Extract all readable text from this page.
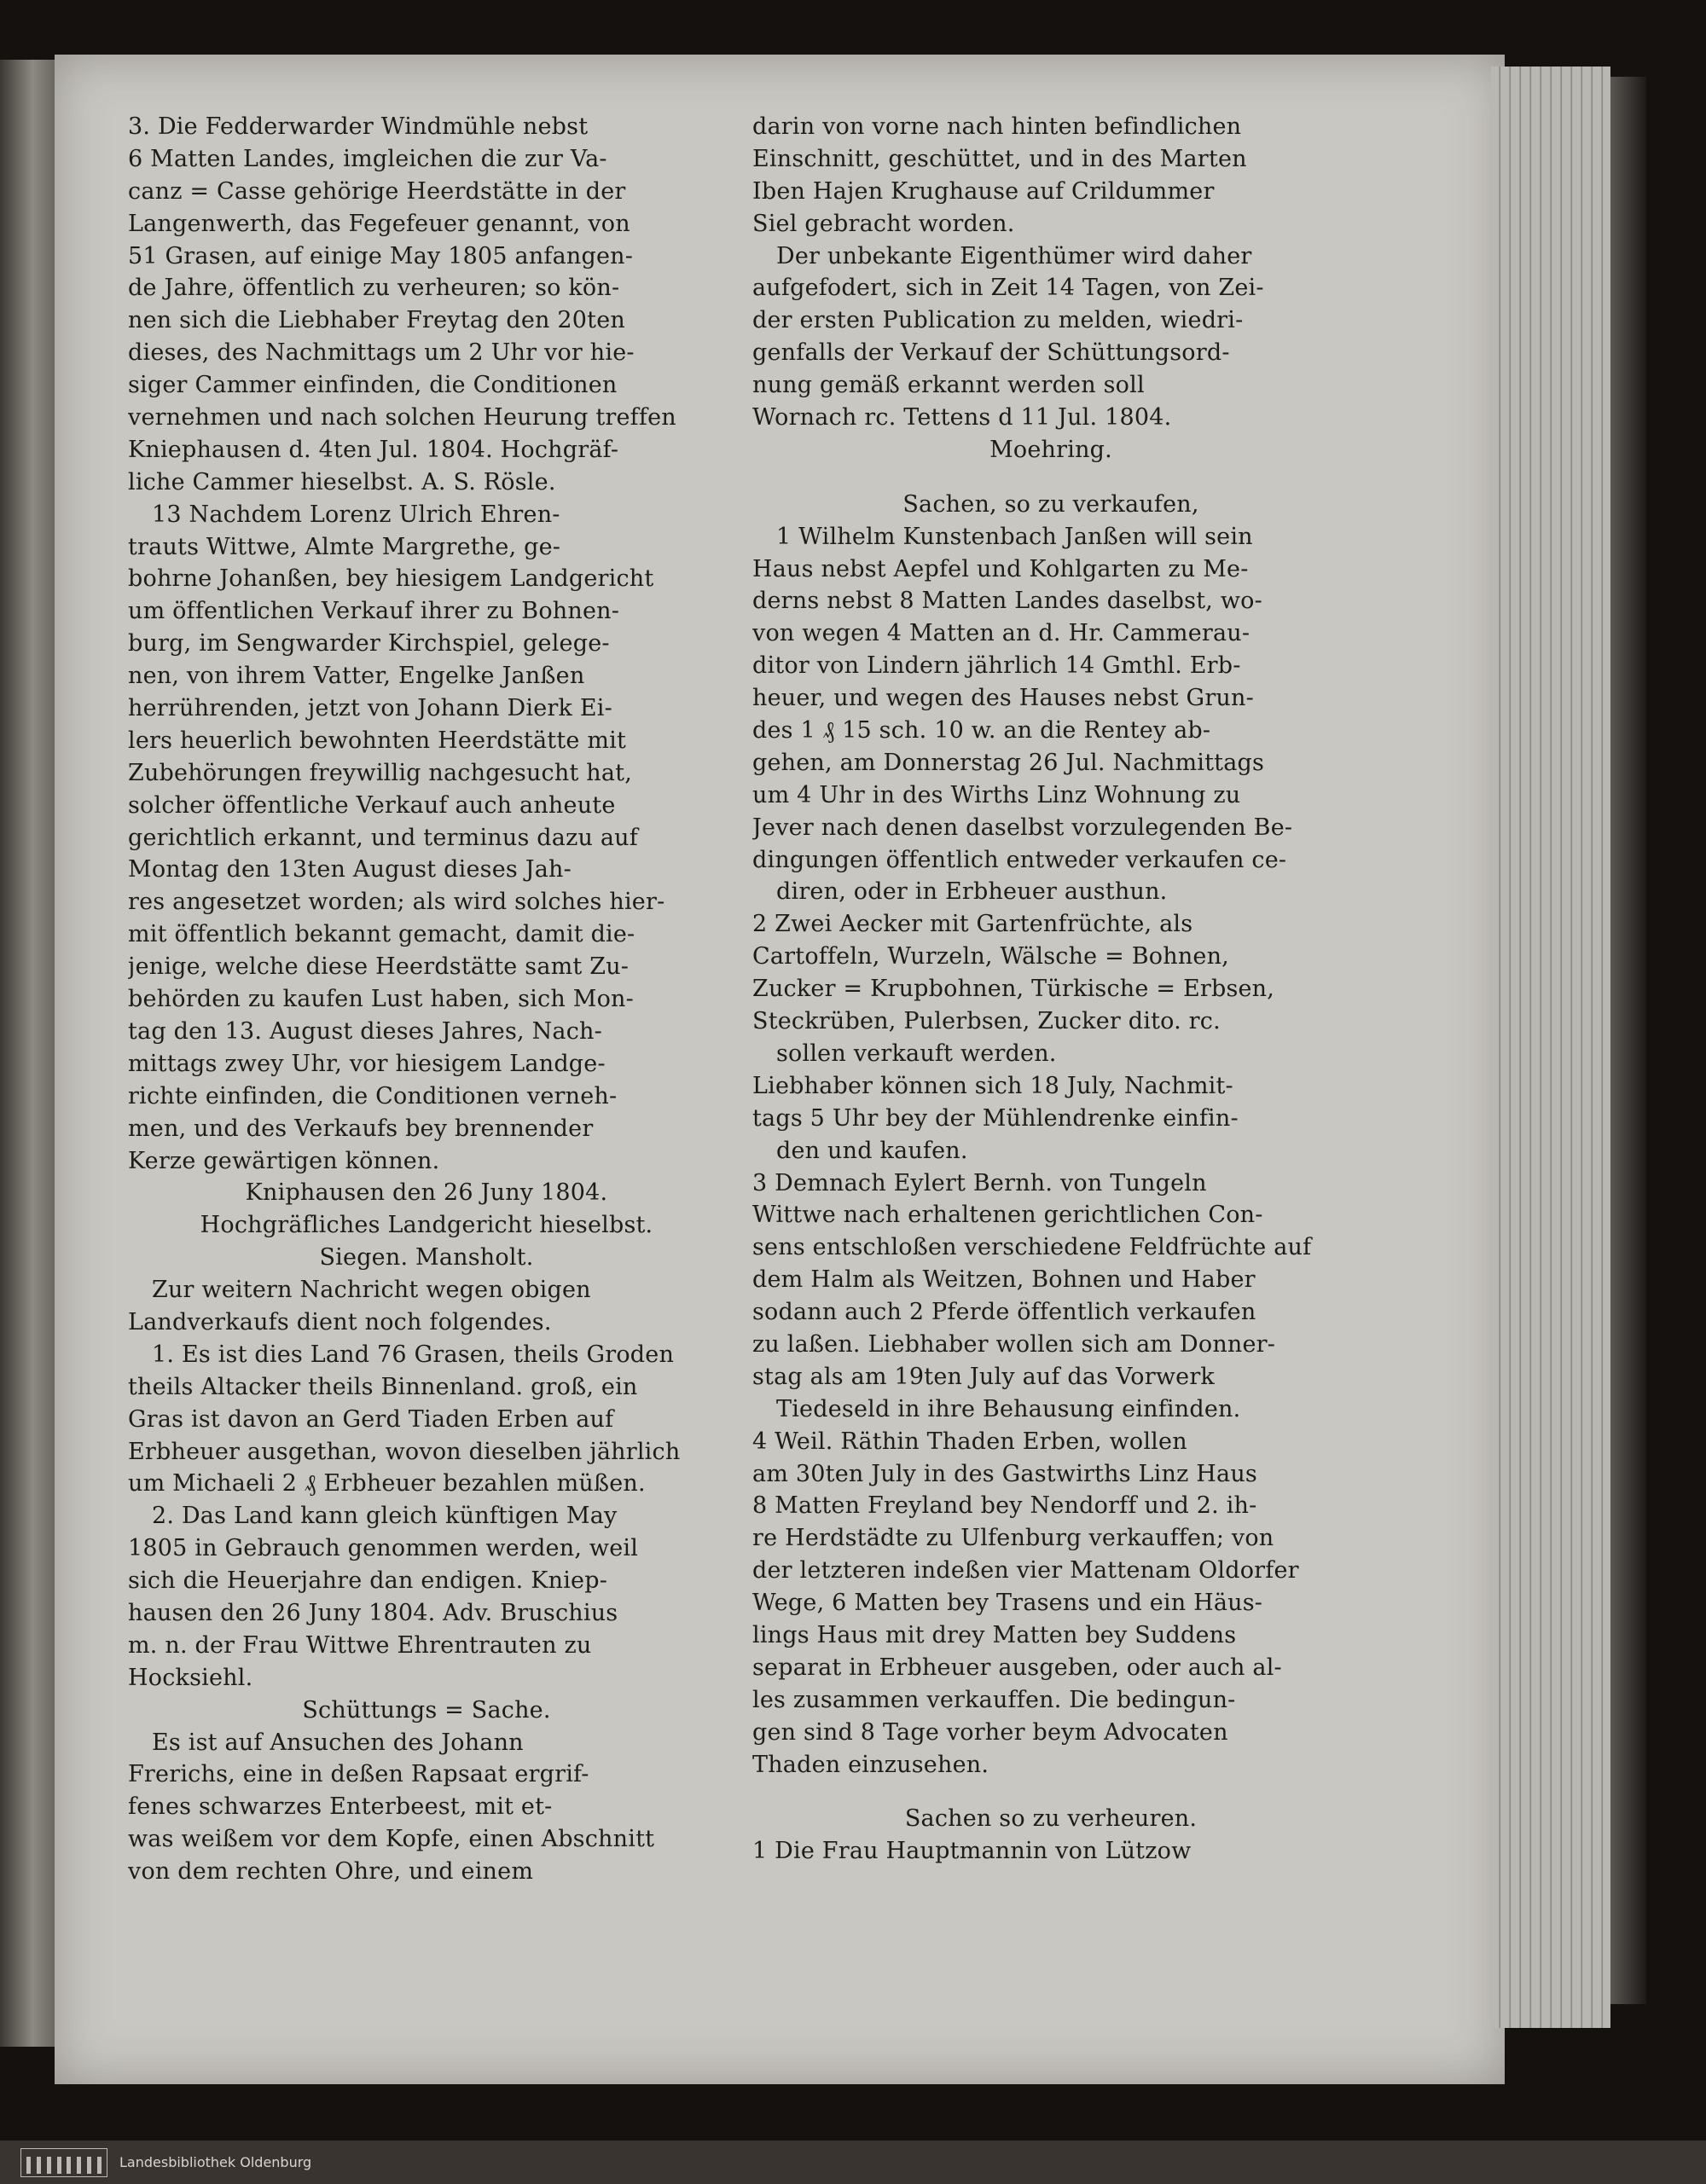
3. Die Fedderwarder Windmühle nebst
6 Matten Landes, imgleichen die zur Va-
canz = Casse gehörige Heerdstätte in der
Langenwerth, das Fegefeuer genannt, von
51 Grasen, auf einige May 1805 anfangen-
de Jahre, öffentlich zu verheuren; so kön-
nen sich die Liebhaber Freytag den 20ten
dieses, des Nachmittags um 2 Uhr vor hie-
siger Cammer einfinden, die Conditionen
vernehmen und nach solchen Heurung treffen
Kniephausen d. 4ten Jul. 1804. Hochgräf-
liche Cammer hieselbst. A. S. Rösle.
13 Nachdem Lorenz Ulrich Ehren-
trauts Wittwe, Almte Margrethe, ge-
bohrne Johanßen, bey hiesigem Landgericht
um öffentlichen Verkauf ihrer zu Bohnen-
burg, im Sengwarder Kirchspiel, gelege-
nen, von ihrem Vatter, Engelke Janßen
herrührenden, jetzt von Johann Dierk Ei-
lers heuerlich bewohnten Heerdstätte mit
Zubehörungen freywillig nachgesucht hat,
solcher öffentliche Verkauf auch anheute
gerichtlich erkannt, und terminus dazu auf
Montag den 13ten August dieses Jah-
res angesetzet worden; als wird solches hier-
mit öffentlich bekannt gemacht, damit die-
jenige, welche diese Heerdstätte samt Zu-
behörden zu kaufen Lust haben, sich Mon-
tag den 13. August dieses Jahres, Nach-
mittags zwey Uhr, vor hiesigem Landge-
richte einfinden, die Conditionen verneh-
men, und des Verkaufs bey brennender
Kerze gewärtigen können.
Kniphausen den 26 Juny 1804.
Hochgräfliches Landgericht hieselbst.
Siegen. Mansholt.
Zur weitern Nachricht wegen obigen
Landverkaufs dient noch folgendes.
1. Es ist dies Land 76 Grasen, theils Groden
theils Altacker theils Binnenland. groß, ein
Gras ist davon an Gerd Tiaden Erben auf
Erbheuer ausgethan, wovon dieselben jährlich
um Michaeli 2 ₰ Erbheuer bezahlen müßen.
2. Das Land kann gleich künftigen May
1805 in Gebrauch genommen werden, weil
sich die Heuerjahre dan endigen. Kniep-
hausen den 26 Juny 1804. Adv. Bruschius
m. n. der Frau Wittwe Ehrentrauten zu
Hocksiehl.
Schüttungs = Sache.
Es ist auf Ansuchen des Johann
Frerichs, eine in deßen Rapsaat ergrif-
fenes schwarzes Enterbeest, mit et-
was weißem vor dem Kopfe, einen Abschnitt
von dem rechten Ohre, und einem
darin von vorne nach hinten befindlichen
Einschnitt, geschüttet, und in des Marten
Iben Hajen Krughause auf Crildummer
Siel gebracht worden.
Der unbekante Eigenthümer wird daher
aufgefodert, sich in Zeit 14 Tagen, von Zei-
der ersten Publication zu melden, wiedri-
genfalls der Verkauf der Schüttungsord-
nung gemäß erkannt werden soll
Wornach rc. Tettens d 11 Jul. 1804.
Moehring.
Sachen, so zu verkaufen,
1 Wilhelm Kunstenbach Janßen will sein
Haus nebst Aepfel und Kohlgarten zu Me-
derns nebst 8 Matten Landes daselbst, wo-
von wegen 4 Matten an d. Hr. Cammerau-
ditor von Lindern jährlich 14 Gmthl. Erb-
heuer, und wegen des Hauses nebst Grun-
des 1 ₰ 15 sch. 10 w. an die Rentey ab-
gehen, am Donnerstag 26 Jul. Nachmittags
um 4 Uhr in des Wirths Linz Wohnung zu
Jever nach denen daselbst vorzulegenden Be-
dingungen öffentlich entweder verkaufen ce-
diren, oder in Erbheuer austhun.
2 Zwei Aecker mit Gartenfrüchte, als
Cartoffeln, Wurzeln, Wälsche = Bohnen,
Zucker = Krupbohnen, Türkische = Erbsen,
Steckrüben, Pulerbsen, Zucker dito. rc.
sollen verkauft werden.
Liebhaber können sich 18 July, Nachmit-
tags 5 Uhr bey der Mühlendrenke einfin-
den und kaufen.
3 Demnach Eylert Bernh. von Tungeln
Wittwe nach erhaltenen gerichtlichen Con-
sens entschloßen verschiedene Feldfrüchte auf
dem Halm als Weitzen, Bohnen und Haber
sodann auch 2 Pferde öffentlich verkaufen
zu laßen. Liebhaber wollen sich am Donner-
stag als am 19ten July auf das Vorwerk
Tiedeseld in ihre Behausung einfinden.
4 Weil. Räthin Thaden Erben, wollen
am 30ten July in des Gastwirths Linz Haus
8 Matten Freyland bey Nendorff und 2. ih-
re Herdstädte zu Ulfenburg verkauffen; von
der letzteren indeßen vier Mattenam Oldorfer
Wege, 6 Matten bey Trasens und ein Häus-
lings Haus mit drey Matten bey Suddens
separat in Erbheuer ausgeben, oder auch al-
les zusammen verkauffen. Die bedingun-
gen sind 8 Tage vorher beym Advocaten
Thaden einzusehen.
Sachen so zu verheuren.
1 Die Frau Hauptmannin von Lützow
Landesbibliothek Oldenburg
